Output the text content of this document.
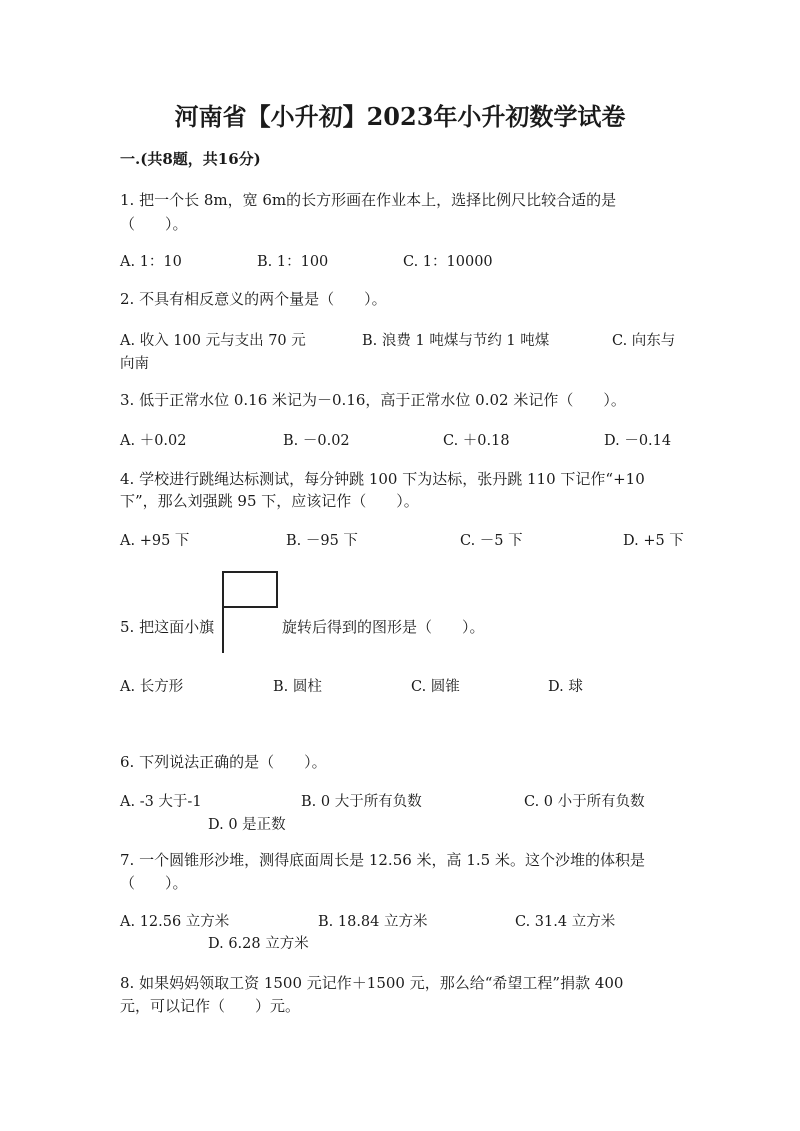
河南省【小升初】2023年小升初数学试卷
一.(共8题，共16分)
1. 把一个长 8m，宽 6m的长方形画在作业本上，选择比例尺比较合适的是
（　　）。
A. 1：10	B. 1：100	C. 1：10000
2. 不具有相反意义的两个量是（　　）。
A. 收入 100 元与支出 70 元	B. 浪费 1 吨煤与节约 1 吨煤	C. 向东与
向南
3. 低于正常水位 0.16 米记为－0.16，高于正常水位 0.02 米记作（　　）。
A. ＋0.02	B. －0.02	C. ＋0.18	D. －0.14
4. 学校进行跳绳达标测试，每分钟跳 100 下为达标，张丹跳 110 下记作“+10
下”，那么刘强跳 95 下，应该记作（　　）。
A. +95 下	B. －95 下	C. －5 下	D. +5 下
5. 把这面小旗	旋转后得到的图形是（　　）。
A. 长方形	B. 圆柱	C. 圆锥	D. 球
6. 下列说法正确的是（　　）。
A. -3 大于-1	B. 0 大于所有负数	C. 0 小于所有负数
D. 0 是正数
7. 一个圆锥形沙堆，测得底面周长是 12.56 米，高 1.5 米。这个沙堆的体积是
（　　）。
A. 12.56 立方米	B. 18.84 立方米	C. 31.4 立方米
D. 6.28 立方米
8. 如果妈妈领取工资 1500 元记作＋1500 元，那么给“希望工程”捐款 400
元，可以记作（　　）元。
